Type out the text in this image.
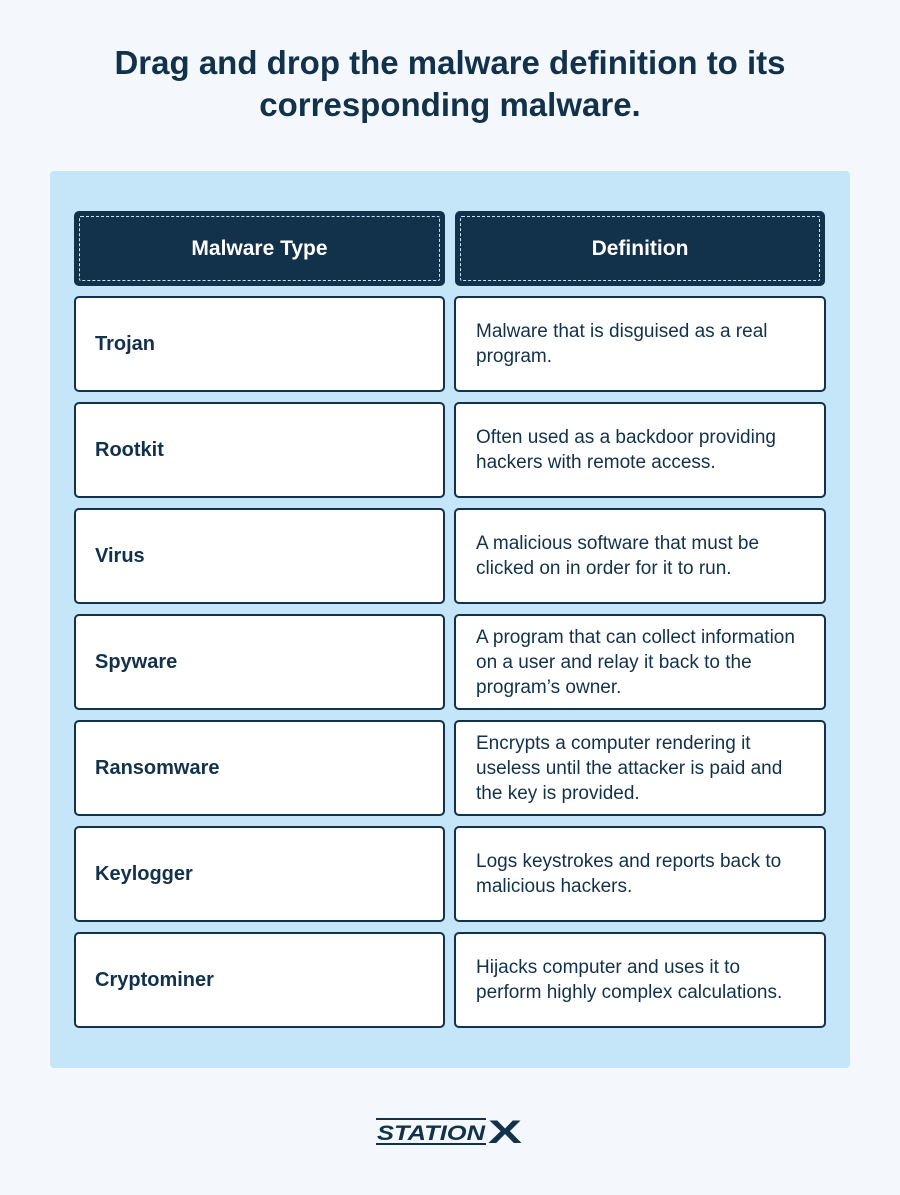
Drag and drop the malware definition to its corresponding malware.
Malware Type	Definition
Trojan
Malware that is disguised as a real program.
Rootkit
Often used as a backdoor providing hackers with remote access.
Virus
A malicious software that must be clicked on in order for it to run.
Spyware
A program that can collect information on a user and relay it back to the program’s owner.
Ransomware
Encrypts a computer rendering it useless until the attacker is paid and the key is provided.
Keylogger
Logs keystrokes and reports back to malicious hackers.
Cryptominer
Hijacks computer and uses it to perform highly complex calculations.
STATION X
